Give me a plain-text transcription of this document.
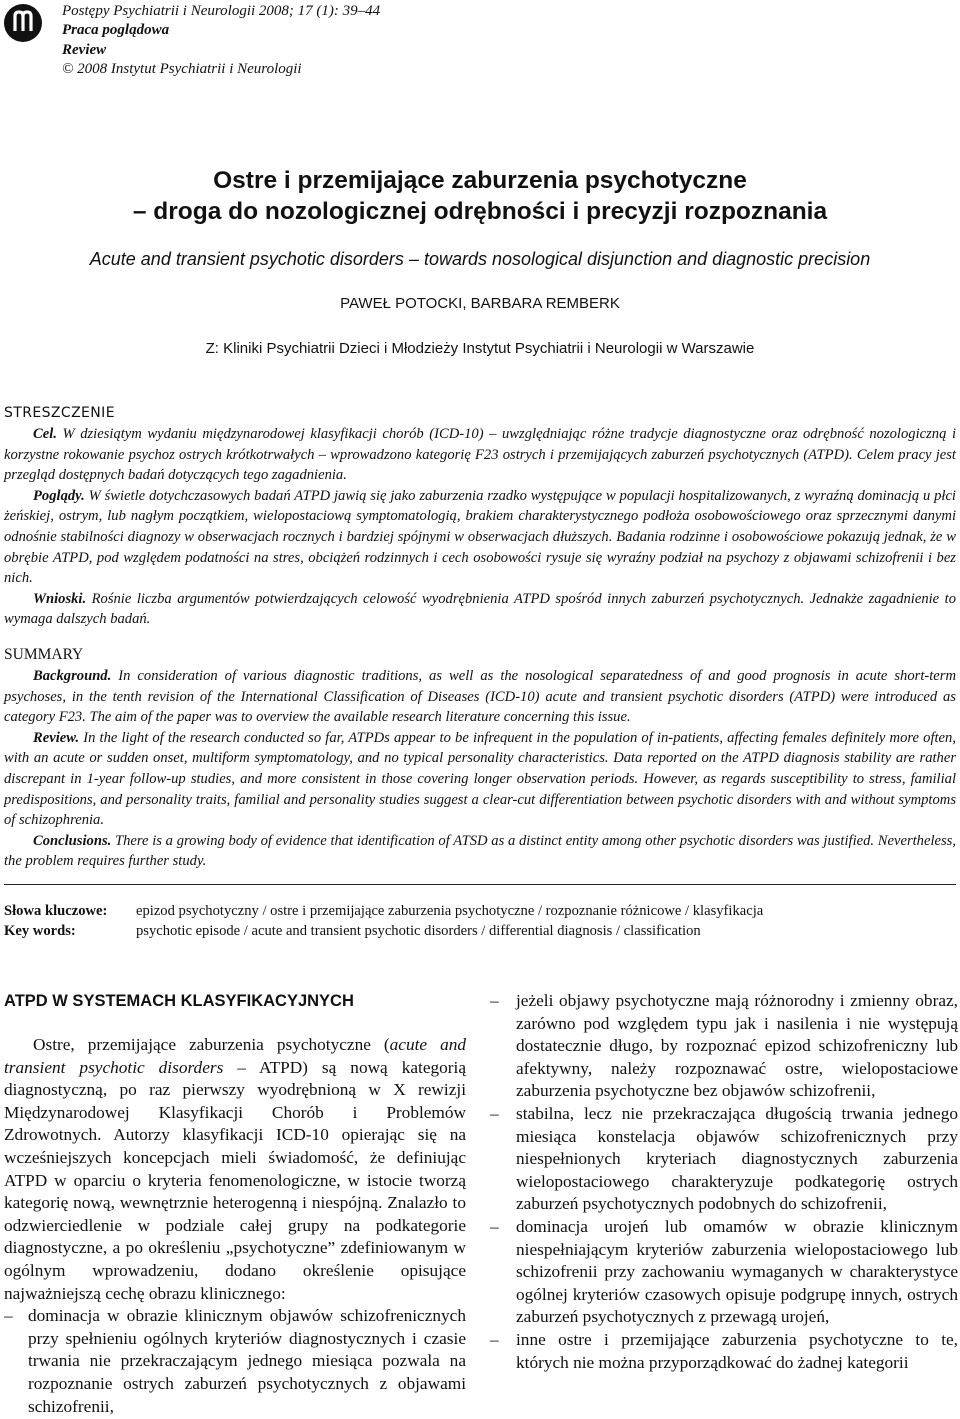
Postępy Psychiatrii i Neurologii 2008; 17 (1): 39–44
Praca poglądowa
Review
© 2008 Instytut Psychiatrii i Neurologii
Ostre i przemijające zaburzenia psychotyczne
– droga do nozologicznej odrębności i precyzji rozpoznania
Acute and transient psychotic disorders – towards nosological disjunction and diagnostic precision
PAWEŁ POTOCKI, BARBARA REMBERK
Z: Kliniki Psychiatrii Dzieci i Młodzieży Instytut Psychiatrii i Neurologii w Warszawie
STRESZCZENIE

Cel. W dziesiątym wydaniu międzynarodowej klasyfikacji chorób (ICD-10) – uwzględniając różne tradycje diagnostyczne oraz odrębność nozologiczną i korzystne rokowanie psychoz ostrych krótkotrwałych – wprowadzono kategorię F23 ostrych i przemijających zaburzeń psychotycznych (ATPD). Celem pracy jest przegląd dostępnych badań dotyczących tego zagadnienia.

Poglądy. W świetle dotychczasowych badań ATPD jawią się jako zaburzenia rzadko występujące w populacji hospitalizowanych, z wyraźną dominacją u płci żeńskiej, ostrym, lub nagłym początkiem, wielopostaciową symptomatologią, brakiem charakterystycznego podłoża osobowościowego oraz sprzecznymi danymi odnośnie stabilności diagnozy w obserwacjach rocznych i bardziej spójnymi w obserwacjach dłuższych. Badania rodzinne i osobowościowe pokazują jednak, że w obrębie ATPD, pod względem podatności na stres, obciążeń rodzinnych i cech osobowości rysuje się wyraźny podział na psychozy z objawami schizofrenii i bez nich.

Wnioski. Rośnie liczba argumentów potwierdzających celowość wyodrębnienia ATPD spośród innych zaburzeń psychotycznych. Jednakże zagadnienie to wymaga dalszych badań.

SUMMARY

Background. In consideration of various diagnostic traditions, as well as the nosological separatedness of and good prognosis in acute short-term psychoses, in the tenth revision of the International Classification of Diseases (ICD-10) acute and transient psychotic disorders (ATPD) were introduced as category F23. The aim of the paper was to overview the available research literature concerning this issue.

Review. In the light of the research conducted so far, ATPDs appear to be infrequent in the population of in-patients, affecting females definitely more often, with an acute or sudden onset, multiform symptomatology, and no typical personality characteristics. Data reported on the ATPD diagnosis stability are rather discrepant in 1-year follow-up studies, and more consistent in those covering longer observation periods. However, as regards susceptibility to stress, familial predispositions, and personality traits, familial and personality studies suggest a clear-cut differentiation between psychotic disorders with and without symptoms of schizophrenia.

Conclusions. There is a growing body of evidence that identification of ATSD as a distinct entity among other psychotic disorders was justified. Nevertheless, the problem requires further study.

Słowa kluczowe:	epizod psychotyczny / ostre i przemijające zaburzenia psychotyczne / rozpoznanie różnicowe / klasyfikacja
Key words:	psychotic episode / acute and transient psychotic disorders / differential diagnosis / classification
ATPD W SYSTEMACH KLASYFIKACYJNYCH

Ostre, przemijające zaburzenia psychotyczne (acute and transient psychotic disorders – ATPD) są nową kategorią diagnostyczną, po raz pierwszy wyodrębnioną w X rewizji Międzynarodowej Klasyfikacji Chorób i Problemów Zdrowotnych. Autorzy klasyfikacji ICD-10 opierając się na wcześniejszych koncepcjach mieli świadomość, że definiując ATPD w oparciu o kryteria fenomenologiczne, w istocie tworzą kategorię nową, wewnętrznie heterogenną i niespójną. Znalazło to odzwierciedlenie w podziale całej grupy na podkategorie diagnostyczne, a po określeniu „psychotyczne” zdefiniowanym w ogólnym wprowadzeniu, dodano określenie opisujące najważniejszą cechę obrazu klinicznego:

– dominacja w obrazie klinicznym objawów schizofrenicznych przy spełnieniu ogólnych kryteriów diagnostycznych i czasie trwania nie przekraczającym jednego miesiąca pozwala na rozpoznanie ostrych zaburzeń psychotycznych z objawami schizofrenii,
– jeżeli objawy psychotyczne mają różnorodny i zmienny obraz, zarówno pod względem typu jak i nasilenia i nie występują dostatecznie długo, by rozpoznać epizod schizofreniczny lub afektywny, należy rozpoznawać ostre, wielopostaciowe zaburzenia psychotyczne bez objawów schizofrenii,
– stabilna, lecz nie przekraczająca długością trwania jednego miesiąca konstelacja objawów schizofrenicznych przy niespełnionych kryteriach diagnostycznych zaburzenia wielopostaciowego charakteryzuje podkategorię ostrych zaburzeń psychotycznych podobnych do schizofrenii,
– dominacja urojeń lub omamów w obrazie klinicznym niespełniającym kryteriów zaburzenia wielopostaciowego lub schizofrenii przy zachowaniu wymaganych w charakterystyce ogólnej kryteriów czasowych opisuje podgrupę innych, ostrych zaburzeń psychotycznych z przewagą urojeń,
– inne ostre i przemijające zaburzenia psychotyczne to te, których nie można przyporządkować do żadnej kategorii
